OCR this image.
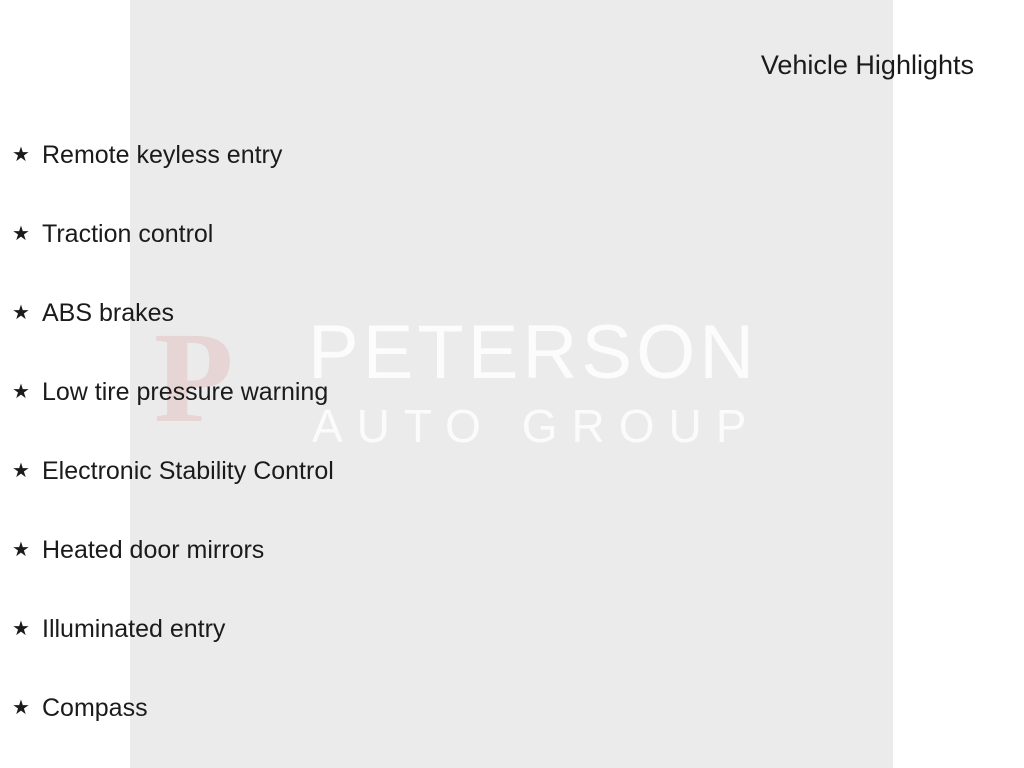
P PETERSON
AUTO GROUP
Vehicle Highlights
★ Remote keyless entry
★ Traction control
★ ABS brakes
★ Low tire pressure warning
★ Electronic Stability Control
★ Heated door mirrors
★ Illuminated entry
★ Compass
